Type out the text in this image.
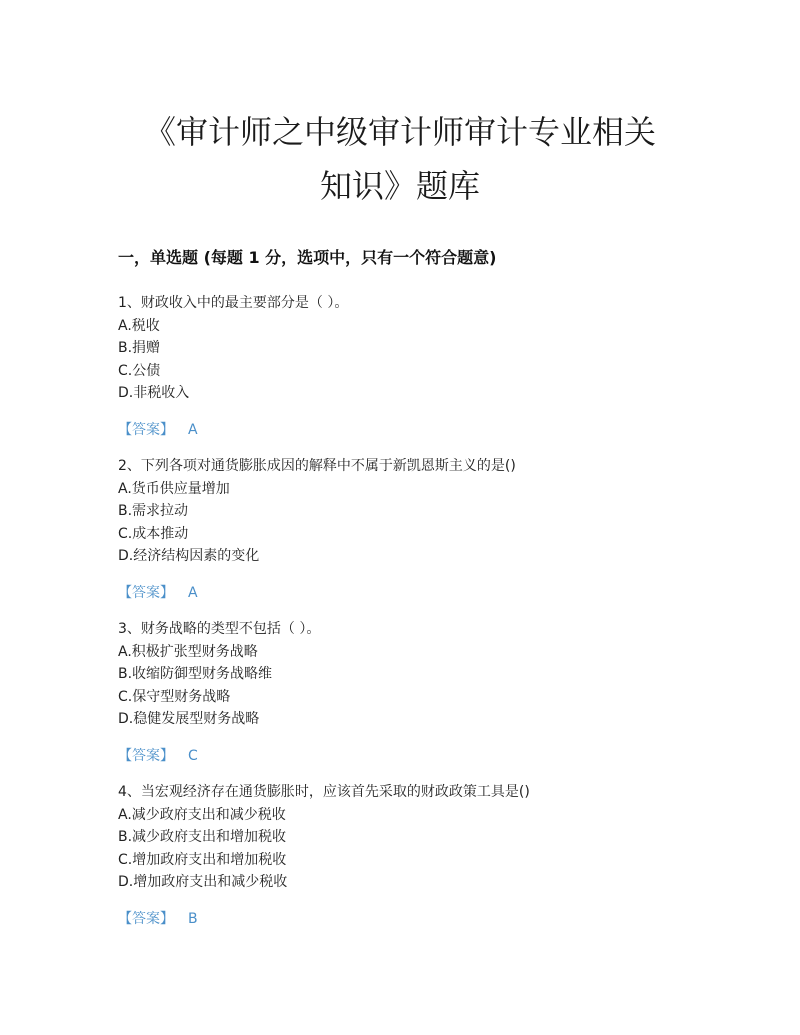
《审计师之中级审计师审计专业相关
知识》题库
一，单选题 (每题 1 分，选项中，只有一个符合题意)
1、财政收入中的最主要部分是（ ）。
A.税收
B.捐赠
C.公债
D.非税收入
【答案】 A
2、下列各项对通货膨胀成因的解释中不属于新凯恩斯主义的是()
A.货币供应量增加
B.需求拉动
C.成本推动
D.经济结构因素的变化
【答案】 A
3、财务战略的类型不包括（ ）。
A.积极扩张型财务战略
B.收缩防御型财务战略维
C.保守型财务战略
D.稳健发展型财务战略
【答案】 C
4、当宏观经济存在通货膨胀时，应该首先采取的财政政策工具是()
A.减少政府支出和减少税收
B.减少政府支出和增加税收
C.增加政府支出和增加税收
D.增加政府支出和减少税收
【答案】 B
